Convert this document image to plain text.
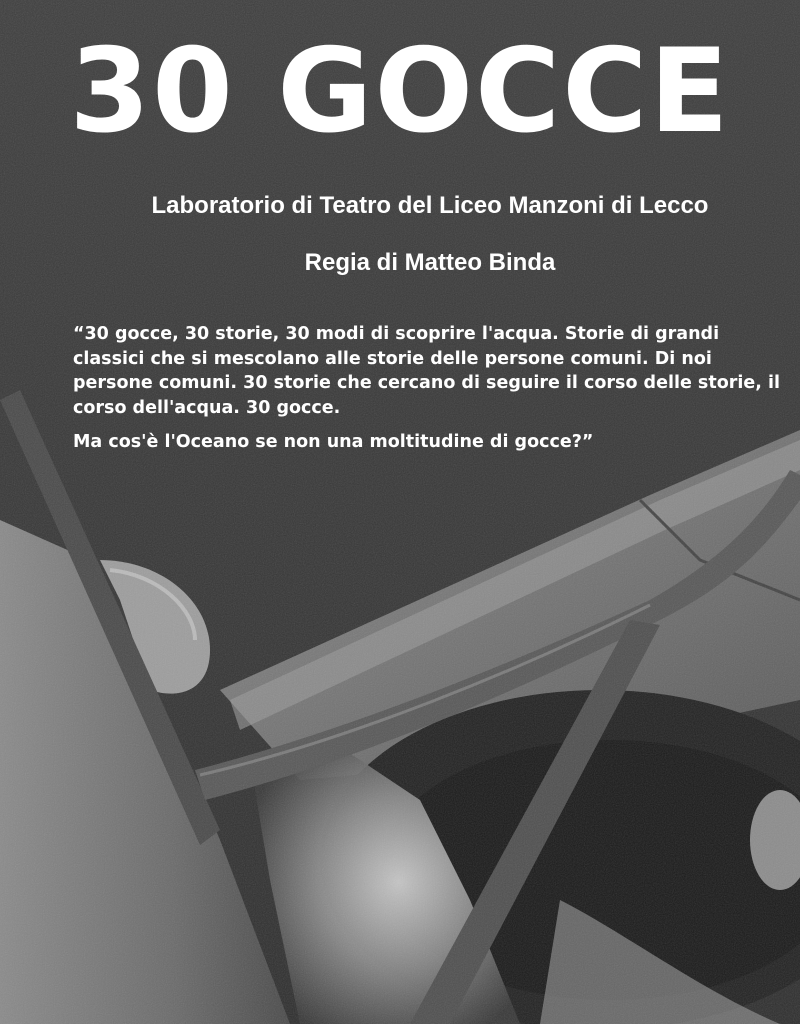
30 GOCCE
Laboratorio di Teatro del Liceo Manzoni di Lecco
Regia di Matteo Binda

“30 gocce, 30 storie, 30 modi di scoprire l'acqua. Storie di grandi classici che si mescolano alle storie delle persone comuni. Di noi persone comuni. 30 storie che cercano di seguire il corso delle storie, il corso dell'acqua. 30 gocce.

Ma cos'è l'Oceano se non una moltitudine di gocce?”
